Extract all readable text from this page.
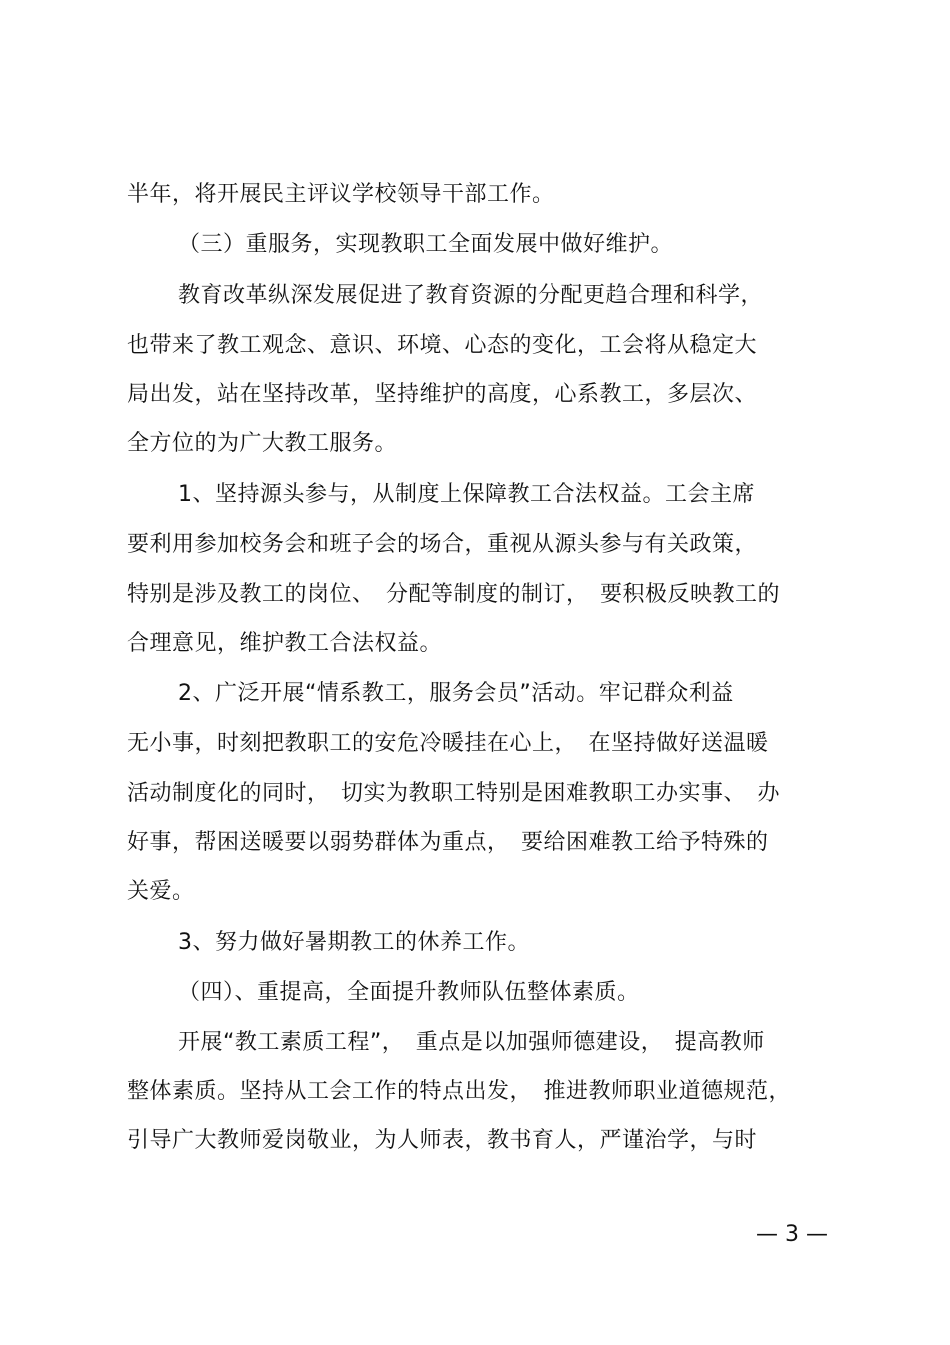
半年，将开展民主评议学校领导干部工作。
（三）重服务，实现教职工全面发展中做好维护。
教育改革纵深发展促进了教育资源的分配更趋合理和科学，
也带来了教工观念、意识、环境、心态的变化，工会将从稳定大
局出发，站在坚持改革，坚持维护的高度，心系教工，多层次、
全方位的为广大教工服务。
1、坚持源头参与，从制度上保障教工合法权益。工会主席
要利用参加校务会和班子会的场合，重视从源头参与有关政策，
特别是涉及教工的岗位、　分配等制度的制订，　要积极反映教工的
合理意见，维护教工合法权益。
2、广泛开展“情系教工，服务会员”活动。牢记群众利益
无小事，时刻把教职工的安危冷暖挂在心上，　在坚持做好送温暖
活动制度化的同时，　切实为教职工特别是困难教职工办实事、　办
好事，帮困送暖要以弱势群体为重点，　要给困难教工给予特殊的
关爱。
3、努力做好暑期教工的休养工作。
（四）、重提高，全面提升教师队伍整体素质。
开展“教工素质工程”，　重点是以加强师德建设，　提高教师
整体素质。坚持从工会工作的特点出发，　推进教师职业道德规范，
引导广大教师爱岗敬业，为人师表，教书育人，严谨治学，与时
— 3 —
